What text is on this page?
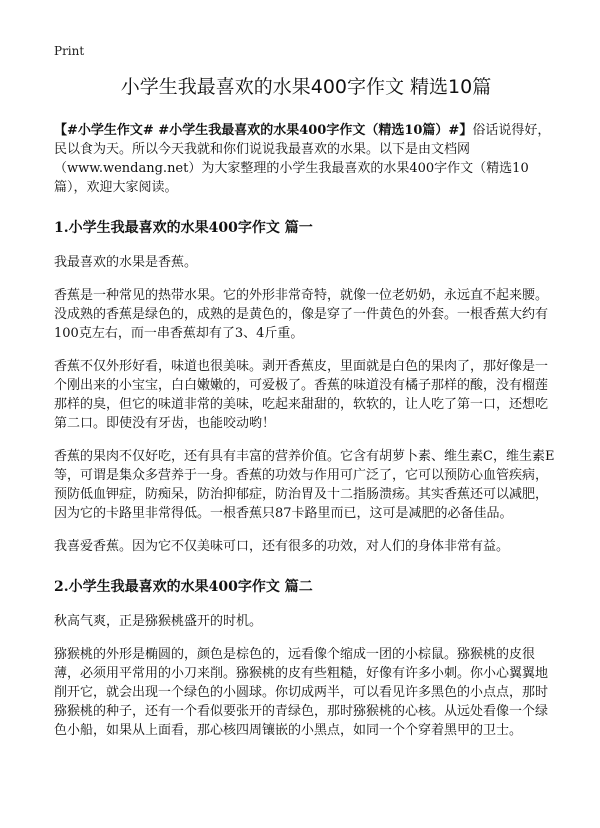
Print
小学生我最喜欢的水果400字作文 精选10篇

【#小学生作文# #小学生我最喜欢的水果400字作文（精选10篇）#】俗话说得好，民以食为天。所以今天我就和你们说说我最喜欢的水果。以下是由文档网（www.wendang.net）为大家整理的小学生我最喜欢的水果400字作文（精选10篇），欢迎大家阅读。

1.小学生我最喜欢的水果400字作文 篇一

我最喜欢的水果是香蕉。

香蕉是一种常见的热带水果。它的外形非常奇特，就像一位老奶奶，永远直不起来腰。没成熟的香蕉是绿色的，成熟的是黄色的，像是穿了一件黄色的外套。一根香蕉大约有100克左右，而一串香蕉却有了3、4斤重。

香蕉不仅外形好看，味道也很美味。剥开香蕉皮，里面就是白色的果肉了，那好像是一个刚出来的小宝宝，白白嫩嫩的，可爱极了。香蕉的味道没有橘子那样的酸，没有榴莲那样的臭，但它的味道非常的美味，吃起来甜甜的，软软的，让人吃了第一口，还想吃第二口。即使没有牙齿，也能咬动哟！

香蕉的果肉不仅好吃，还有具有丰富的营养价值。它含有胡萝卜素、维生素C，维生素E等，可谓是集众多营养于一身。香蕉的功效与作用可广泛了，它可以预防心血管疾病，预防低血钾症，防痴呆，防治抑郁症，防治胃及十二指肠溃疡。其实香蕉还可以减肥，因为它的卡路里非常得低。一根香蕉只87卡路里而已，这可是减肥的必备佳品。

我喜爱香蕉。因为它不仅美味可口，还有很多的功效，对人们的身体非常有益。

2.小学生我最喜欢的水果400字作文 篇二

秋高气爽，正是猕猴桃盛开的时机。

猕猴桃的外形是椭圆的，颜色是棕色的，远看像个缩成一团的小棕鼠。猕猴桃的皮很薄，必须用平常用的小刀来削。猕猴桃的皮有些粗糙，好像有许多小刺。你小心翼翼地削开它，就会出现一个绿色的小圆球。你切成两半，可以看见许多黑色的小点点，那时猕猴桃的种子，还有一个看似要张开的青绿色，那时猕猴桃的心核。从远处看像一个绿色小船，如果从上面看，那心核四周镶嵌的小黑点，如同一个个穿着黑甲的卫士。
